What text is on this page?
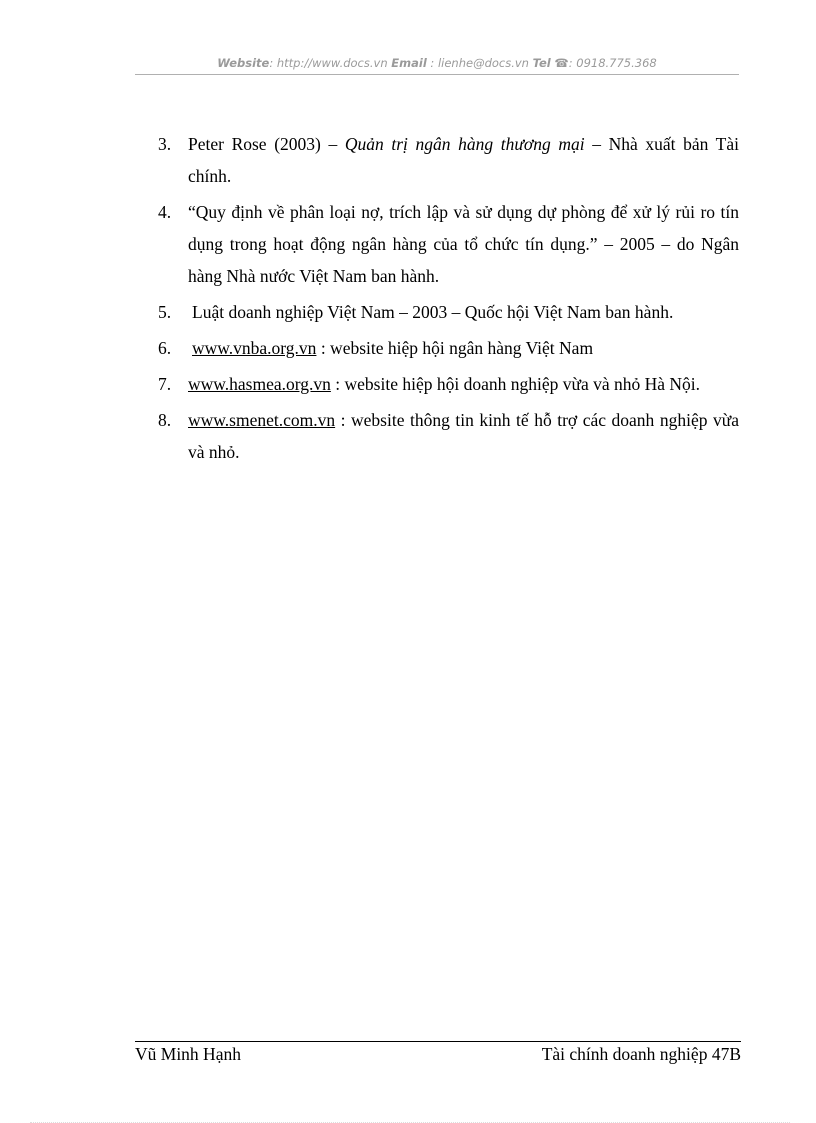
Website: http://www.docs.vn Email : lienhe@docs.vn Tel ☎: 0918.775.368
3. Peter Rose (2003) – Quản trị ngân hàng thương mại – Nhà xuất bản Tài chính.
4. “Quy định về phân loại nợ, trích lập và sử dụng dự phòng để xử lý rủi ro tín dụng trong hoạt động ngân hàng của tổ chức tín dụng.” – 2005 – do Ngân hàng Nhà nước Việt Nam ban hành.
5.	Luật doanh nghiệp Việt Nam – 2003 – Quốc hội Việt Nam ban hành.
6.	www.vnba.org.vn : website hiệp hội ngân hàng Việt Nam
7. www.hasmea.org.vn : website hiệp hội doanh nghiệp vừa và nhỏ Hà Nội.
8. www.smenet.com.vn : website thông tin kinh tế hỗ trợ các doanh nghiệp vừa và nhỏ.
Vũ Minh Hạnh	Tài chính doanh nghiệp 47B
